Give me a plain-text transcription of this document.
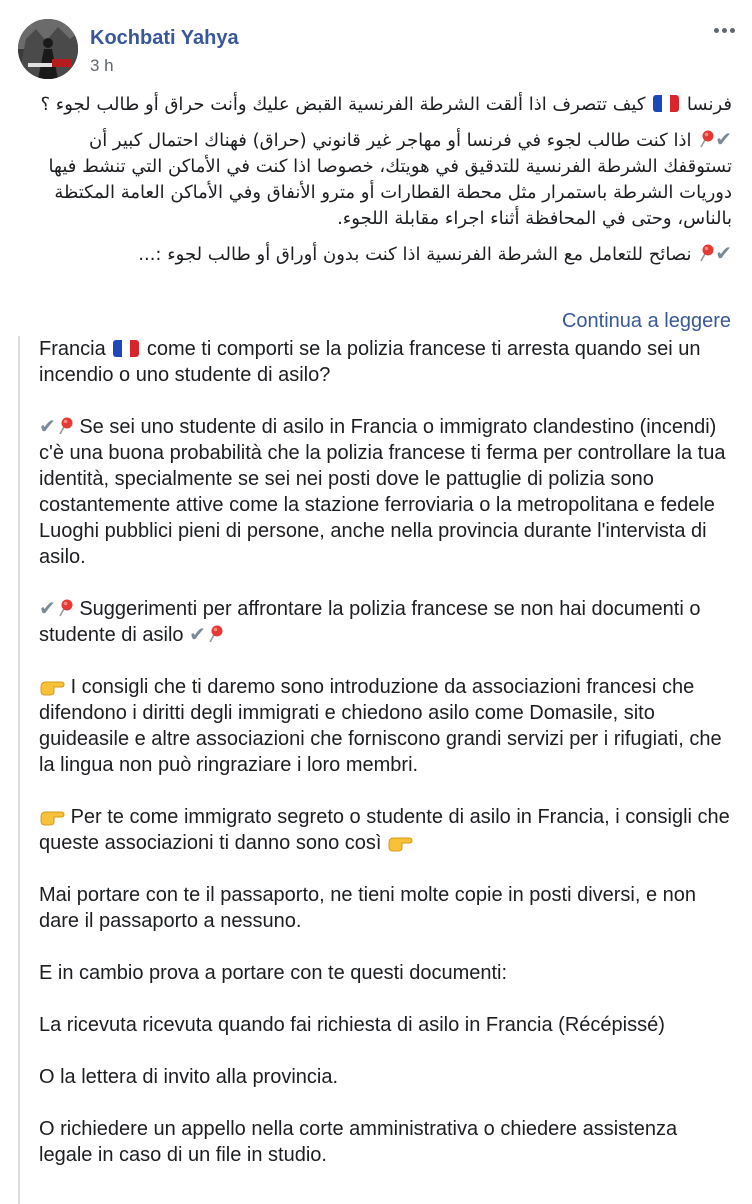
Kochbati Yahya
3 h

فرنسا  كيف تتصرف اذا ألقت الشرطة الفرنسية القبض عليك وأنت حراق أو طالب لجوء ؟

✔ اذا كنت طالب لجوء في فرنسا أو مهاجر غير قانوني (حراق) فهناك احتمال كبير أن تستوقفك الشرطة الفرنسية للتدقيق في هويتك، خصوصا اذا كنت في الأماكن التي تنشط فيها دوريات الشرطة باستمرار مثل محطة القطارات أو مترو الأنفاق وفي الأماكن العامة المكتظة بالناس، وحتى في المحافظة أثناء اجراء مقابلة اللجوء.

✔ نصائح للتعامل مع الشرطة الفرنسية اذا كنت بدون أوراق أو طالب لجوء :...

Continua a leggere

Francia come ti comporti se la polizia francese ti arresta quando sei un incendio o uno studente di asilo?

✔ Se sei uno studente di asilo in Francia o immigrato clandestino (incendi) c'è una buona probabilità che la polizia francese ti ferma per controllare la tua identità, specialmente se sei nei posti dove le pattuglie di polizia sono costantemente attive come la stazione ferroviaria o la metropolitana e fedele Luoghi pubblici pieni di persone, anche nella provincia durante l'intervista di asilo.

✔ Suggerimenti per affrontare la polizia francese se non hai documenti o studente di asilo ✔

I consigli che ti daremo sono introduzione da associazioni francesi che difendono i diritti degli immigrati e chiedono asilo come Domasile, sito guideasile e altre associazioni che forniscono grandi servizi per i rifugiati, che la lingua non può ringraziare i loro membri.

Per te come immigrato segreto o studente di asilo in Francia, i consigli che queste associazioni ti danno sono così

Mai portare con te il passaporto, ne tieni molte copie in posti diversi, e non dare il passaporto a nessuno.

E in cambio prova a portare con te questi documenti:

La ricevuta ricevuta quando fai richiesta di asilo in Francia (Récépissé)

O la lettera di invito alla provincia.

O richiedere un appello nella corte amministrativa o chiedere assistenza legale in caso di un file in studio.
